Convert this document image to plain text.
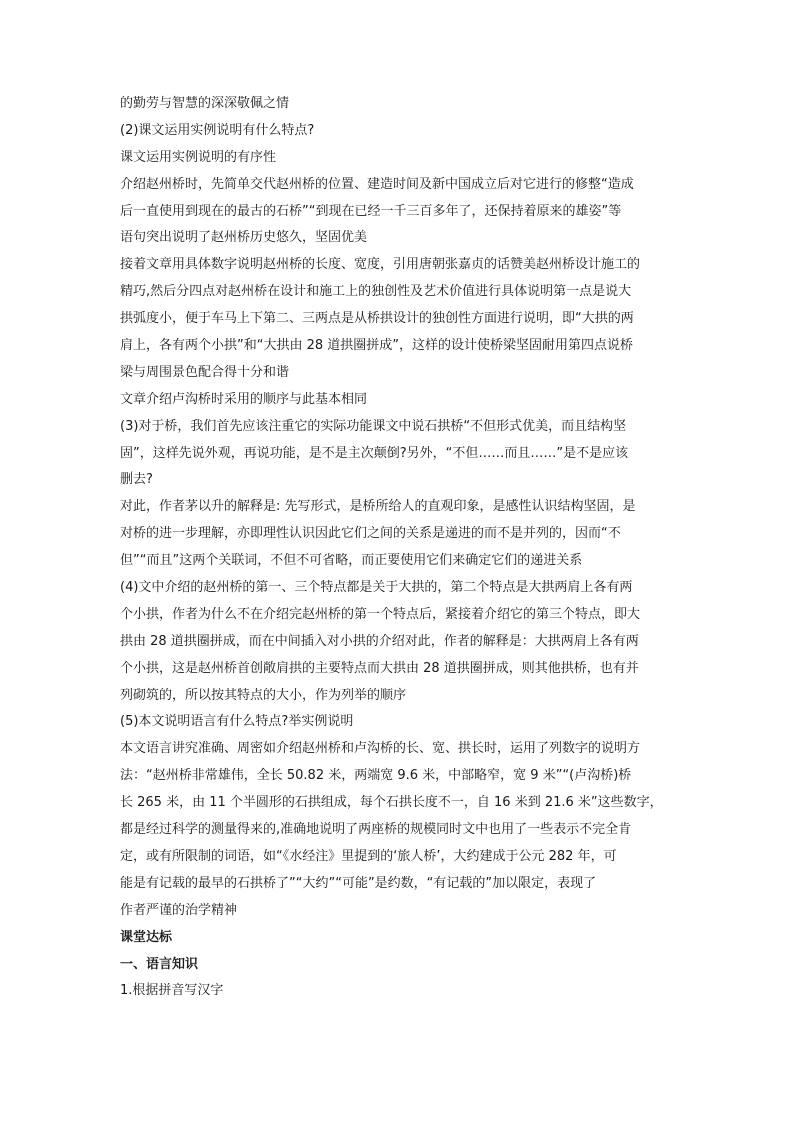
的勤劳与智慧的深深敬佩之情
(2)课文运用实例说明有什么特点?
课文运用实例说明的有序性
介绍赵州桥时，先简单交代赵州桥的位置、建造时间及新中国成立后对它进行的修整“造成
后一直使用到现在的最古的石桥”“到现在已经一千三百多年了，还保持着原来的雄姿”等
语句突出说明了赵州桥历史悠久，坚固优美
接着文章用具体数字说明赵州桥的长度、宽度，引用唐朝张嘉贞的话赞美赵州桥设计施工的
精巧,然后分四点对赵州桥在设计和施工上的独创性及艺术价值进行具体说明第一点是说大
拱弧度小，便于车马上下第二、三两点是从桥拱设计的独创性方面进行说明，即“大拱的两
肩上，各有两个小拱”和“大拱由 28 道拱圈拼成”，这样的设计使桥梁坚固耐用第四点说桥
梁与周围景色配合得十分和谐
文章介绍卢沟桥时采用的顺序与此基本相同
(3)对于桥，我们首先应该注重它的实际功能课文中说石拱桥“不但形式优美，而且结构坚
固”，这样先说外观，再说功能，是不是主次颠倒?另外，“不但……而且……”是不是应该
删去?
对此，作者茅以升的解释是: 先写形式，是桥所给人的直观印象，是感性认识结构坚固，是
对桥的进一步理解，亦即理性认识因此它们之间的关系是递进的而不是并列的，因而“不
但”“而且”这两个关联词，不但不可省略，而正要使用它们来确定它们的递进关系
(4)文中介绍的赵州桥的第一、三个特点都是关于大拱的，第二个特点是大拱两肩上各有两
个小拱，作者为什么不在介绍完赵州桥的第一个特点后，紧接着介绍它的第三个特点，即大
拱由 28 道拱圈拼成，而在中间插入对小拱的介绍对此，作者的解释是：大拱两肩上各有两
个小拱，这是赵州桥首创敞肩拱的主要特点而大拱由 28 道拱圈拼成，则其他拱桥，也有并
列砌筑的，所以按其特点的大小，作为列举的顺序
(5)本文说明语言有什么特点?举实例说明
本文语言讲究准确、周密如介绍赵州桥和卢沟桥的长、宽、拱长时，运用了列数字的说明方
法：“赵州桥非常雄伟，全长 50.82 米，两端宽 9.6 米，中部略窄，宽 9 米”“(卢沟桥)桥
长 265 米，由 11 个半圆形的石拱组成，每个石拱长度不一，自 16 米到 21.6 米”这些数字，
都是经过科学的测量得来的,准确地说明了两座桥的规模同时文中也用了一些表示不完全肯
定，或有所限制的词语，如“《水经注》里提到的‘旅人桥’，大约建成于公元 282 年，可
能是有记载的最早的石拱桥了”“大约”“可能”是约数，“有记载的”加以限定，表现了
作者严谨的治学精神
课堂达标
一、语言知识
1.根据拼音写汉字
